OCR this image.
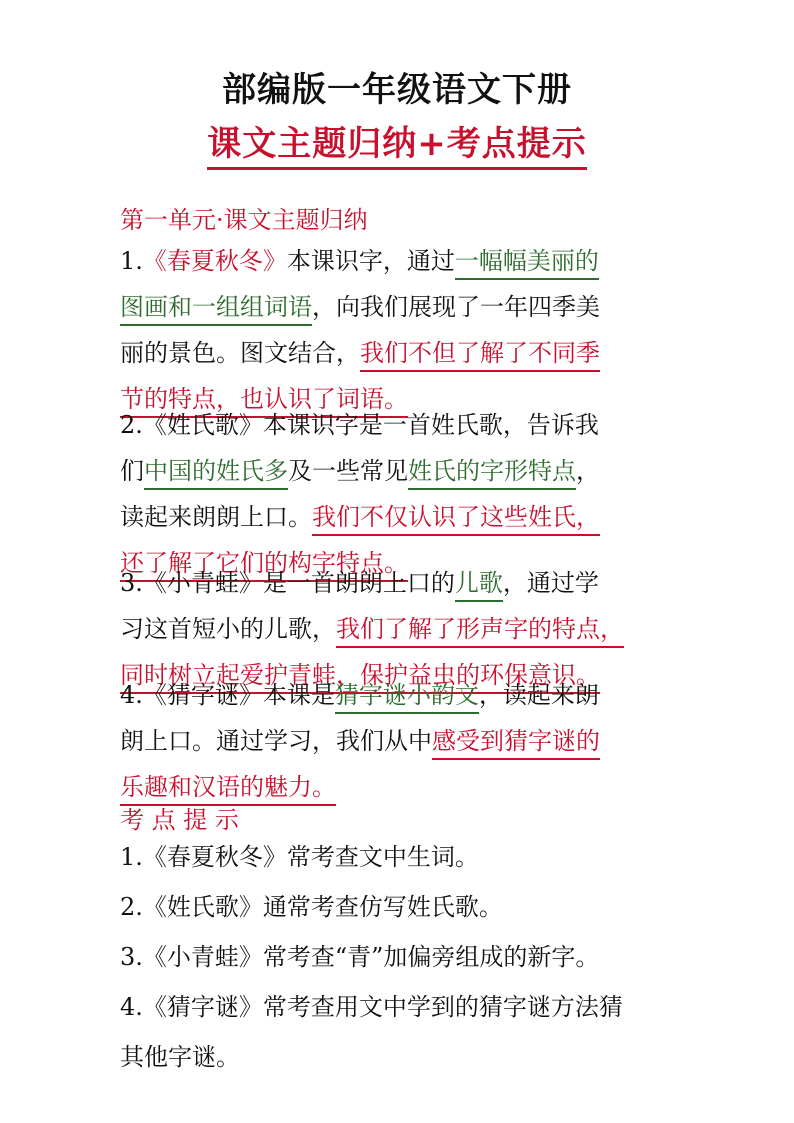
部编版一年级语文下册
课文主题归纳+考点提示
第一单元·课文主题归纳
1.《春夏秋冬》本课识字，通过一幅幅美丽的
图画和一组组词语，向我们展现了一年四季美
丽的景色。图文结合，我们不但了解了不同季
节的特点，也认识了词语。
2.《姓氏歌》本课识字是一首姓氏歌，告诉我
们中国的姓氏多及一些常见姓氏的字形特点，
读起来朗朗上口。我们不仅认识了这些姓氏，
还了解了它们的构字特点。
3.《小青蛙》是一首朗朗上口的儿歌，通过学
习这首短小的儿歌，我们了解了形声字的特点，
同时树立起爱护青蛙，保护益虫的环保意识。
4.《猜字谜》本课是猜字谜小韵文，读起来朗
朗上口。通过学习，我们从中感受到猜字谜的
乐趣和汉语的魅力。
考 点 提 示
1.《春夏秋冬》常考查文中生词。
2.《姓氏歌》通常考查仿写姓氏歌。
3.《小青蛙》常考查“青”加偏旁组成的新字。
4.《猜字谜》常考查用文中学到的猜字谜方法猜
其他字谜。
